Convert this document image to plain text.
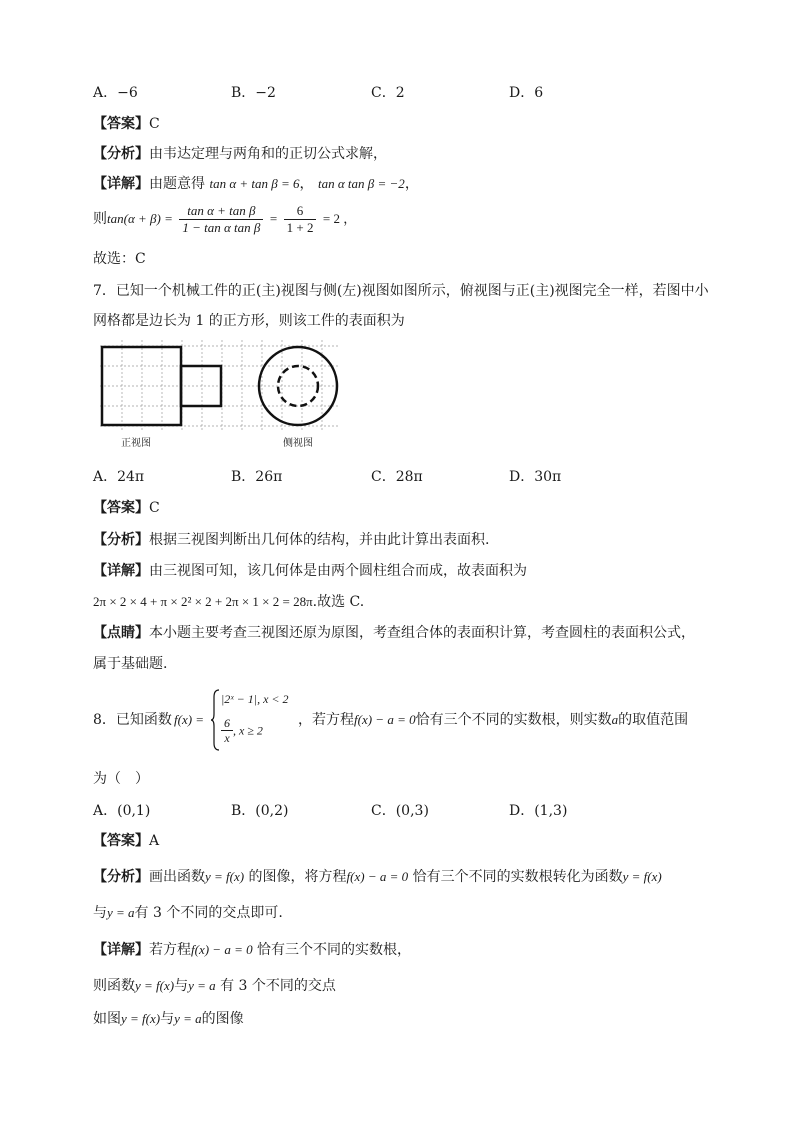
A．−6	B．−2	C．2	D．6
【答案】C
【分析】由韦达定理与两角和的正切公式求解，
【详解】由题意得 tan α + tan β = 6， tan α tan β = −2，
则$\tan(\alpha + \beta) = \frac{\text{tan α + tan β}}{\text{1 − tan α tan β}} = \frac{6}{1 + 2} = 2$ ，
故选：C
7．已知一个机械工件的正(主)视图与侧(左)视图如图所示，俯视图与正(主)视图完全一样，若图中小
网格都是边长为 1 的正方形，则该工件的表面积为
正视图	侧视图
A．24π	B．26π	C．28π	D．30π
【答案】C
【分析】根据三视图判断出几何体的结构，并由此计算出表面积.
【详解】由三视图可知，该几何体是由两个圆柱组合而成，故表面积为
2π × 2 × 4 + π × 2² × 2 + 2π × 1 × 2 = 28π.故选 C.
【点睛】本小题主要考查三视图还原为原图，考查组合体的表面积计算，考查圆柱的表面积公式，
属于基础题.
8．已知函数 f(x) =
|2ˣ − 1|, x < 2
$\frac{6}{x}$ , x ≥ 2
，若方程f(x) − a = 0恰有三个不同的实数根，则实数a的取值范围
为（　）
A．(0,1)	B．(0,2)	C．(0,3)	D．(1,3)
【答案】A
【分析】画出函数y = f(x) 的图像，将方程f(x) − a = 0 恰有三个不同的实数根转化为函数y = f(x)
与y = a有 3 个不同的交点即可.
【详解】若方程f(x) − a = 0 恰有三个不同的实数根，
则函数y = f(x)与y = a 有 3 个不同的交点
如图y = f(x)与y = a的图像
